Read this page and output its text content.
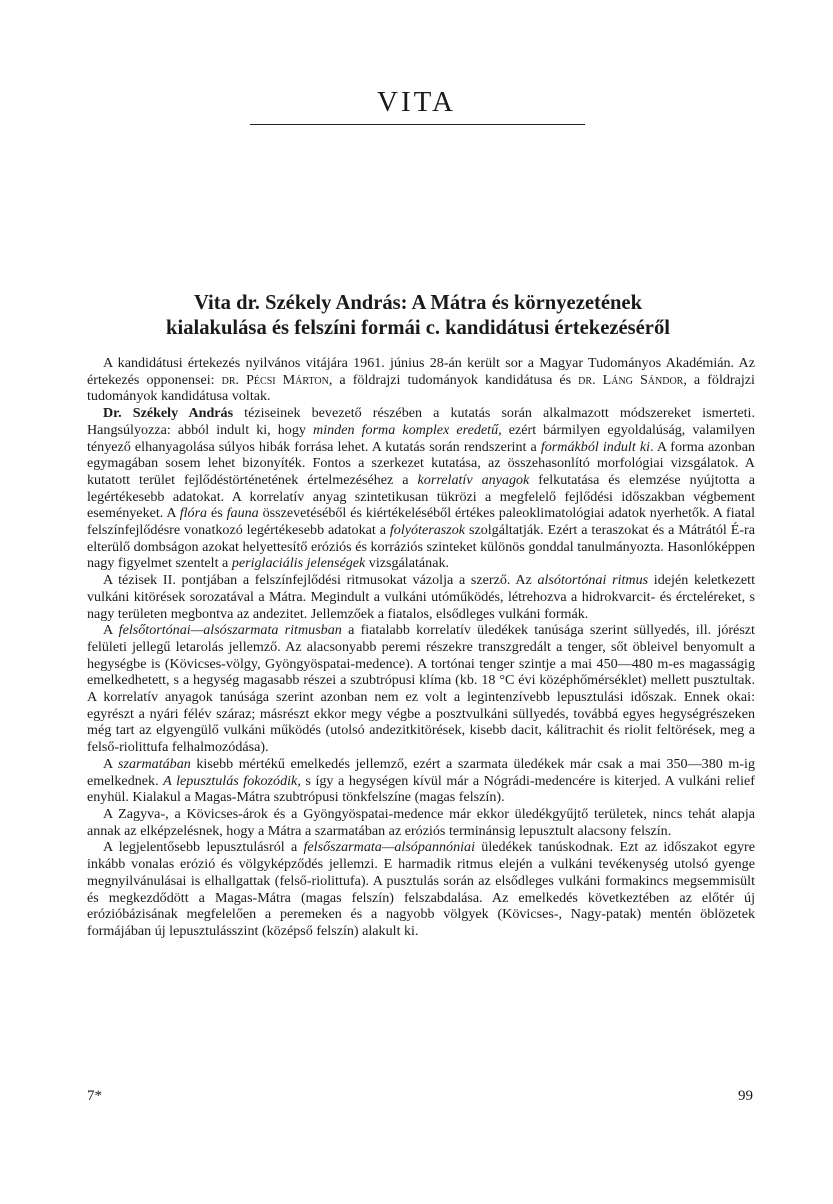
VITA
Vita dr. Székely András: A Mátra és környezetének
kialakulása és felszíni formái c. kandidátusi értekezéséről

A kandidátusi értekezés nyilvános vitájára 1961. június 28-án került sor a Magyar Tudományos Akadémián. Az értekezés opponensei: dr. Pécsi Márton, a földrajzi tudományok kandidátusa és dr. Láng Sándor, a földrajzi tudományok kandidátusa voltak.

Dr. Székely András téziseinek bevezető részében a kutatás során alkalmazott módszereket ismerteti. Hangsúlyozza: abból indult ki, hogy minden forma komplex eredetű, ezért bármilyen egyoldalúság, valamilyen tényező elhanyagolása súlyos hibák forrása lehet. A kutatás során rendszerint a formákból indult ki. A forma azonban egymagában sosem lehet bizonyíték. Fontos a szerkezet kutatása, az összehasonlító morfológiai vizsgálatok. A kutatott terület fejlődéstörténetének értelmezéséhez a korrelatív anyagok felkutatása és elemzése nyújtotta a legértékesebb adatokat. A korrelatív anyag szintetikusan tükrözi a megfelelő fejlődési időszakban végbement eseményeket. A flóra és fauna összevetéséből és kiértékeléséből értékes paleoklimatológiai adatok nyerhetők. A fiatal felszínfejlődésre vonatkozó legértékesebb adatokat a folyóteraszok szolgáltatják. Ezért a teraszokat és a Mátrától É-ra elterülő dombságon azokat helyettesítő eróziós és korráziós szinteket különös gonddal tanulmányozta. Hasonlóképpen nagy figyelmet szentelt a periglaciális jelenségek vizsgálatának.

A tézisek II. pontjában a felszínfejlődési ritmusokat vázolja a szerző. Az alsótortónai ritmus idején keletkezett vulkáni kitörések sorozatával a Mátra. Megindult a vulkáni utóműködés, létrehozva a hidrokvarcit- és ércteléreket, s nagy területen megbontva az andezitet. Jellemzőek a fiatalos, elsődleges vulkáni formák.

A felsőtortónai—alsószarmata ritmusban a fiatalabb korrelatív üledékek tanúsága szerint süllyedés, ill. jórészt felületi jellegű letarolás jellemző. Az alacsonyabb peremi részekre transzgredált a tenger, sőt öbleivel benyomult a hegységbe is (Kövicses-völgy, Gyöngyöspatai-medence). A tortónai tenger szintje a mai 450—480 m-es magasságig emelkedhetett, s a hegység magasabb részei a szubtrópusi klíma (kb. 18 °C évi középhőmérséklet) mellett pusztultak. A korrelatív anyagok tanúsága szerint azonban nem ez volt a legintenzívebb lepusztulási időszak. Ennek okai: egyrészt a nyári félév száraz; másrészt ekkor megy végbe a posztvulkáni süllyedés, továbbá egyes hegységrészeken még tart az elgyengülő vulkáni működés (utolsó andezitkitörések, kisebb dacit, kálitrachit és riolit feltörések, meg a felső-riolittufa felhalmozódása).

A szarmatában kisebb mértékű emelkedés jellemző, ezért a szarmata üledékek már csak a mai 350—380 m-ig emelkednek. A lepusztulás fokozódik, s így a hegységen kívül már a Nógrádi-medencére is kiterjed. A vulkáni relief enyhül. Kialakul a Magas-Mátra szubtrópusi tönkfelszíne (magas felszín).

A Zagyva-, a Kövicses-árok és a Gyöngyöspatai-medence már ekkor üledékgyűjtő területek, nincs tehát alapja annak az elképzelésnek, hogy a Mátra a szarmatában az eróziós terminánsig lepusztult alacsony felszín.

A legjelentősebb lepusztulásról a felsőszarmata—alsópannóniai üledékek tanúskodnak. Ezt az időszakot egyre inkább vonalas erózió és völgyképződés jellemzi. E harmadik ritmus elején a vulkáni tevékenység utolsó gyenge megnyilvánulásai is elhallgattak (felső-riolittufa). A pusztulás során az elsődleges vulkáni formakincs megsemmisült és megkezdődött a Magas-Mátra (magas felszín) felszabdalása. Az emelkedés következtében az előtér új erózióbázisának megfelelően a peremeken és a nagyobb völgyek (Kövicses-, Nagy-patak) mentén öblözetek formájában új lepusztulásszint (középső felszín) alakult ki.

7*	99
